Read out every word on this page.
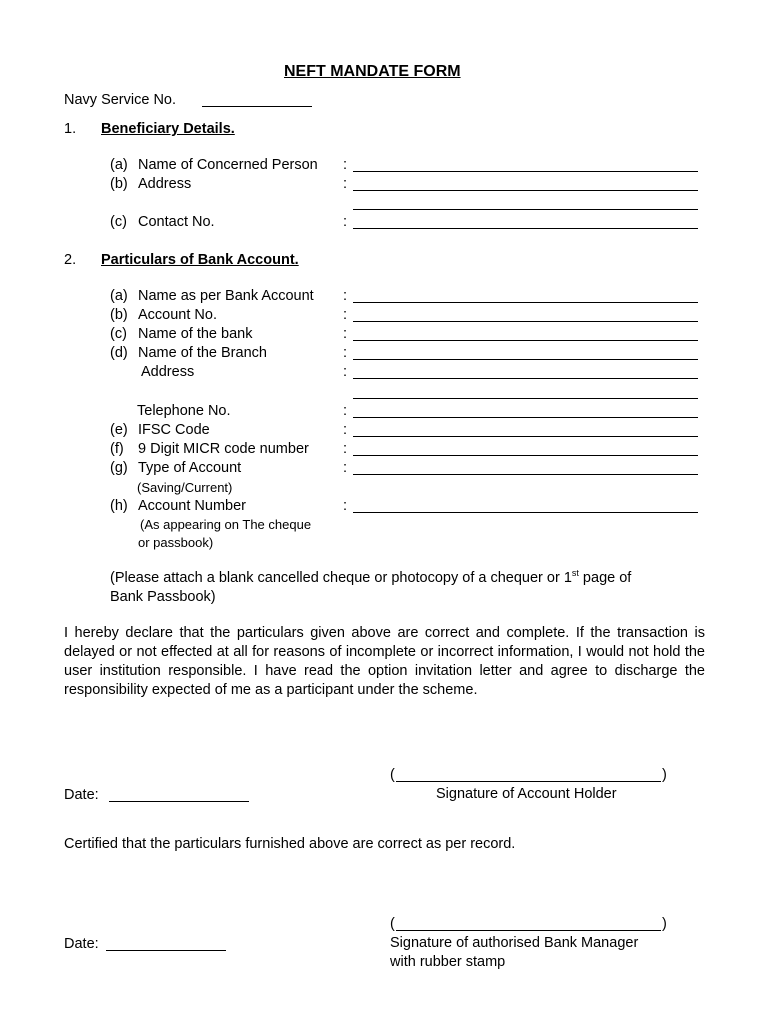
NEFT MANDATE FORM
Navy Service No.
1. Beneficiary Details.
(a) Name of Concerned Person :
(b) Address	:
(c) Contact No.	:
2. Particulars of Bank Account.
(a) Name as per Bank Account :
(b) Account No.	:
(c) Name of the bank	:
(d) Name of the Branch	:
Address	:
Telephone No.	:
(e) IFSC Code	:
(f) 9 Digit MICR code number :
(g) Type of Account	:
(Saving/Current)
(h) Account Number	:
(As appearing on The cheque
or passbook)
(Please attach a blank cancelled cheque or photocopy of a chequer or 1st page of
Bank Passbook)
I hereby declare that the particulars given above are correct and complete. If the transaction is delayed or not effected at all for reasons of incomplete or incorrect information, I would not hold the user institution responsible. I have read the option invitation letter and agree to discharge the responsibility expected of me as a participant under the scheme.
(	)
Signature of Account Holder
Date:
Certified that the particulars furnished above are correct as per record.
(	)
Signature of authorised Bank Manager
with rubber stamp
Date:
